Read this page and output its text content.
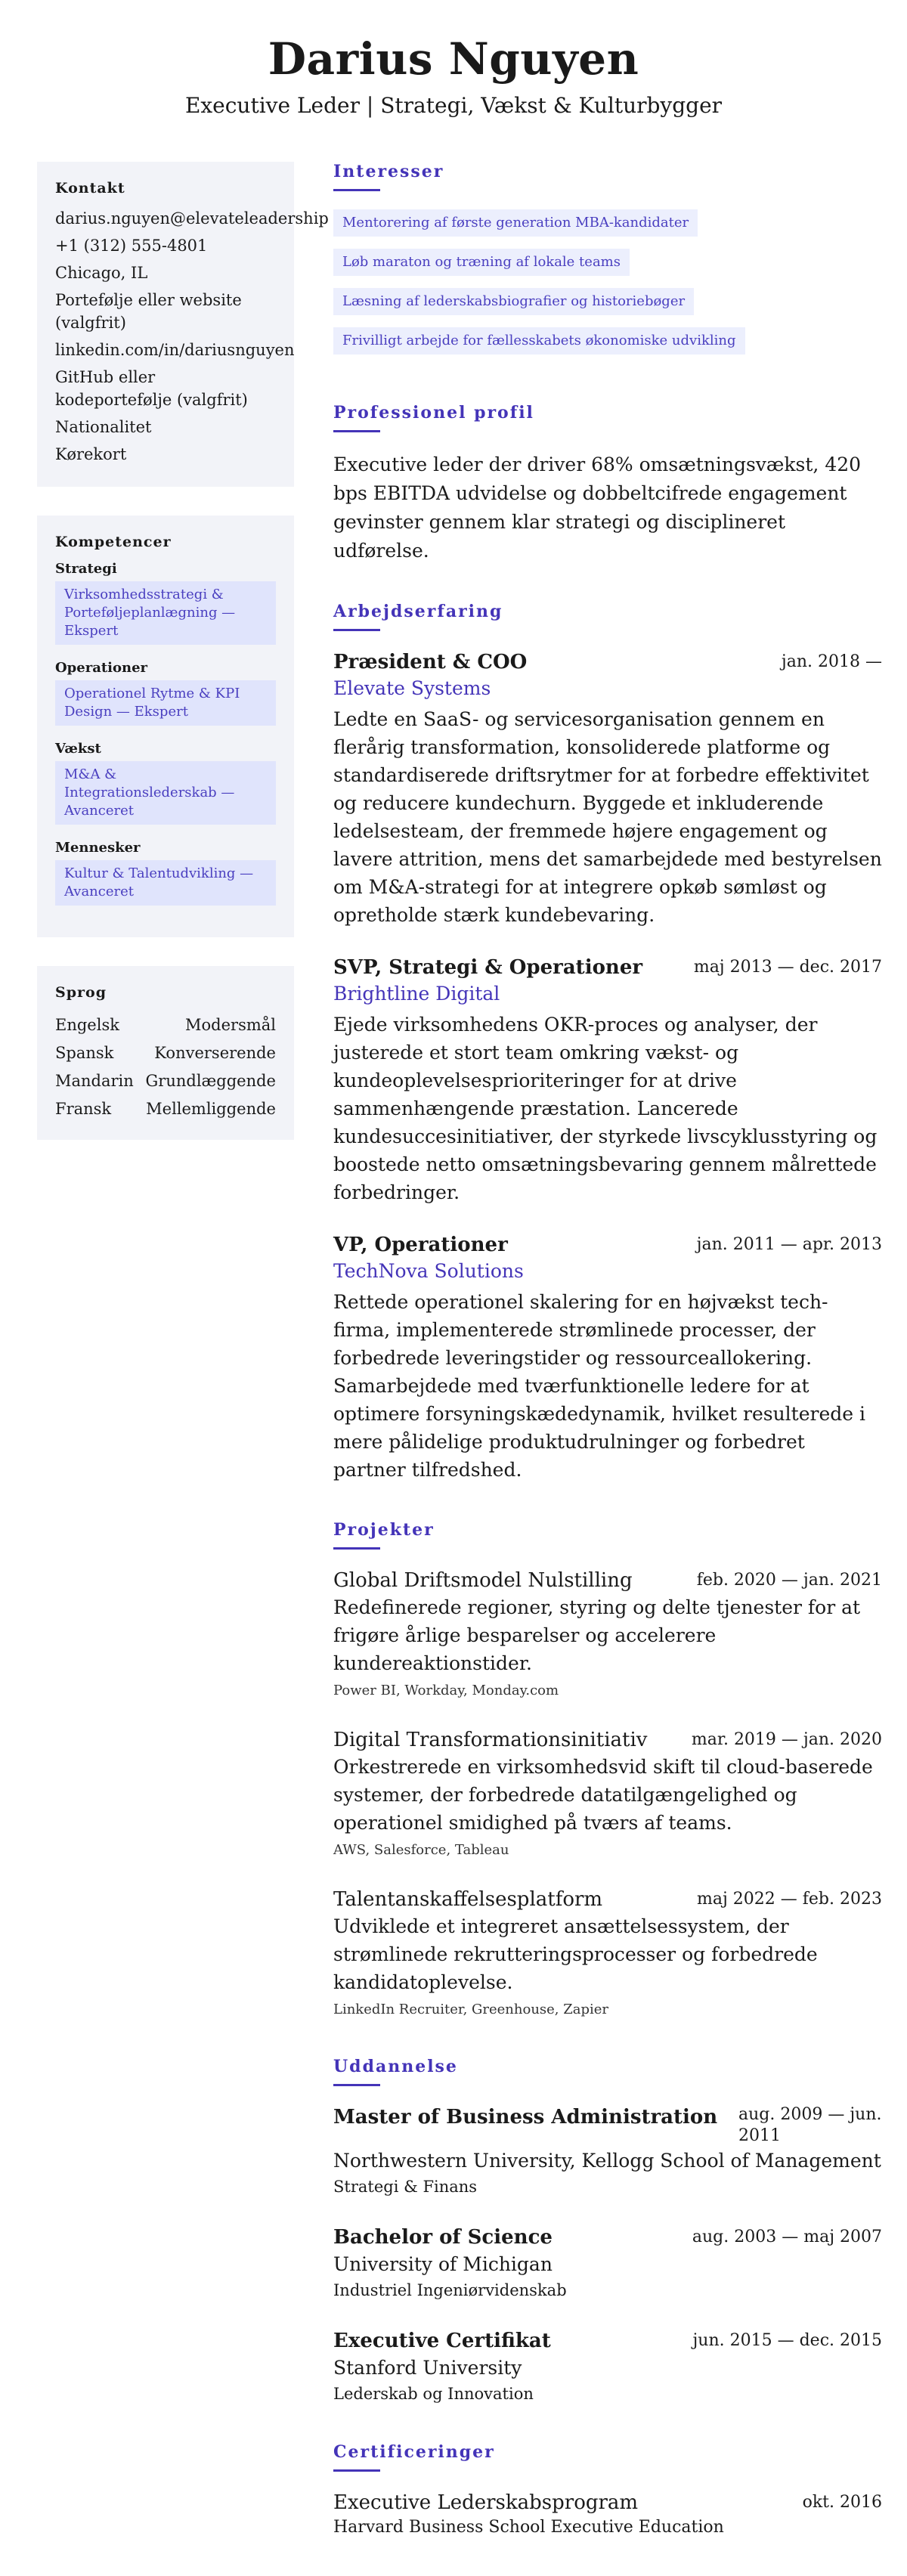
Darius Nguyen

Executive Leder | Strategi, Vækst & Kulturbygger

Kontakt
darius.nguyen@elevateleadership
+1 (312) 555-4801
Chicago, IL
Portefølje eller website (valgfrit)
linkedin.com/in/dariusnguyen
GitHub eller kodeportefølje (valgfrit)
Nationalitet
Kørekort
Kompetencer
Strategi
Virksomhedsstrategi & Porteføljeplanlægning — Ekspert
Operationer
Operationel Rytme & KPI Design — Ekspert
Vækst
M&A & Integrationslederskab — Avanceret
Mennesker
Kultur & Talentudvikling — Avanceret
Sprog
Engelsk	Modersmål
Spansk	Konverserende
Mandarin Grundlæggende
Fransk Mellemliggende
Interesser
Mentorering af første generation MBA-kandidater
Løb maraton og træning af lokale teams
Læsning af lederskabsbiografier og historiebøger
Frivilligt arbejde for fællesskabets økonomiske udvikling
Professionel profil

Executive leder der driver 68% omsætningsvækst, 420 bps EBITDA udvidelse og dobbeltcifrede engagement gevinster gennem klar strategi og disciplineret udførelse.

Arbejdserfaring
Præsident & COO	jan. 2018 —
Elevate Systems

Ledte en SaaS- og servicesorganisation gennem en flerårig transformation, konsoliderede platforme og standardiserede driftsrytmer for at forbedre effektivitet og reducere kundechurn. Byggede et inkluderende ledelsesteam, der fremmede højere engagement og lavere attrition, mens det samarbejdede med bestyrelsen om M&A-strategi for at integrere opkøb sømløst og opretholde stærk kundebevaring.

SVP, Strategi & Operationer	maj 2013 — dec. 2017
Brightline Digital

Ejede virksomhedens OKR-proces og analyser, der justerede et stort team omkring vækst- og kundeoplevelsesprioriteringer for at drive sammenhængende præstation. Lancerede kundesuccesinitiativer, der styrkede livscyklusstyring og boostede netto omsætningsbevaring gennem målrettede forbedringer.

VP, Operationer	jan. 2011 — apr. 2013
TechNova Solutions

Rettede operationel skalering for en højvækst tech-firma, implementerede strømlinede processer, der forbedrede leveringstider og ressourceallokering. Samarbejdede med tværfunktionelle ledere for at optimere forsyningskædedynamik, hvilket resulterede i mere pålidelige produktudrulninger og forbedret partner tilfredshed.

Projekter
Global Driftsmodel Nulstilling	feb. 2020 — jan. 2021

Redefinerede regioner, styring og delte tjenester for at frigøre årlige besparelser og accelerere kundereaktionstider.

Power BI, Workday, Monday.com
Digital Transformationsinitiativ	mar. 2019 — jan. 2020

Orkestrerede en virksomhedsvid skift til cloud-baserede systemer, der forbedrede datatilgængelighed og operationel smidighed på tværs af teams.

AWS, Salesforce, Tableau
Talentanskaffelsesplatform	maj 2022 — feb. 2023

Udviklede et integreret ansættelsessystem, der strømlinede rekrutteringsprocesser og forbedrede kandidatoplevelse.

LinkedIn Recruiter, Greenhouse, Zapier
Uddannelse
Master of Business Administration aug. 2009 — jun. 2011
Northwestern University, Kellogg School of Management
Strategi & Finans
Bachelor of Science	aug. 2003 — maj 2007
University of Michigan
Industriel Ingeniørvidenskab
Executive Certifikat	jun. 2015 — dec. 2015
Stanford University
Lederskab og Innovation
Certificeringer
Executive Lederskabsprogram	okt. 2016
Harvard Business School Executive Education
